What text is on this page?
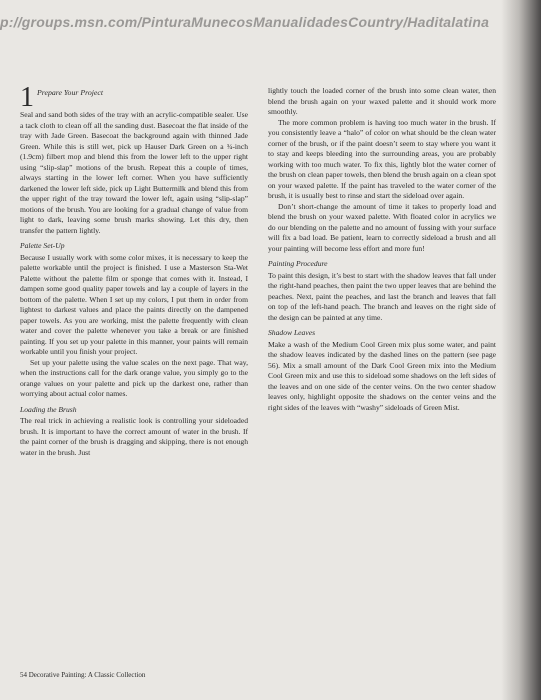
p://groups.msn.com/PinturaMunecosManualidadesCountry/Haditalatina
1 Prepare Your Project

Seal and sand both sides of the tray with an acrylic-compatible sealer. Use a tack cloth to clean off all the sanding dust. Basecoat the flat inside of the tray with Jade Green. Basecoat the background again with thinned Jade Green. While this is still wet, pick up Hauser Dark Green on a ¾-inch (1.9cm) filbert mop and blend this from the lower left to the upper right using “slip-slap” motions of the brush. Repeat this a couple of times, always starting in the lower left corner. When you have sufficiently darkened the lower left side, pick up Light Buttermilk and blend this from the upper right of the tray toward the lower left, again using “slip-slap” motions of the brush. You are looking for a gradual change of value from light to dark, leaving some brush marks showing. Let this dry, then transfer the pattern lightly.

Palette Set-Up

Because I usually work with some color mixes, it is necessary to keep the palette workable until the project is finished. I use a Masterson Sta-Wet Palette without the palette film or sponge that comes with it. Instead, I dampen some good quality paper towels and lay a couple of layers in the bottom of the palette. When I set up my colors, I put them in order from lightest to darkest values and place the paints directly on the dampened paper towels. As you are working, mist the palette frequently with clean water and cover the palette whenever you take a break or are finished painting. If you set up your palette in this manner, your paints will remain workable until you finish your project.

Set up your palette using the value scales on the next page. That way, when the instructions call for the dark orange value, you simply go to the orange values on your palette and pick up the darkest one, rather than worrying about actual color names.

Loading the Brush

The real trick in achieving a realistic look is controlling your sideloaded brush. It is important to have the correct amount of water in the brush. If the paint corner of the brush is dragging and skipping, there is not enough water in the brush. Just

lightly touch the loaded corner of the brush into some clean water, then blend the brush again on your waxed palette and it should work more smoothly.

The more common problem is having too much water in the brush. If you consistently leave a “halo” of color on what should be the clean water corner of the brush, or if the paint doesn’t seem to stay where you want it to stay and keeps bleeding into the surrounding areas, you are probably working with too much water. To fix this, lightly blot the water corner of the brush on clean paper towels, then blend the brush again on a clean spot on your waxed palette. If the paint has traveled to the water corner of the brush, it is usually best to rinse and start the sideload over again.

Don’t short-change the amount of time it takes to properly load and blend the brush on your waxed palette. With floated color in acrylics we do our blending on the palette and no amount of fussing with your surface will fix a bad load. Be patient, learn to correctly sideload a brush and all your painting will become less effort and more fun!

Painting Procedure

To paint this design, it’s best to start with the shadow leaves that fall under the right-hand peaches, then paint the two upper leaves that are behind the peaches. Next, paint the peaches, and last the branch and leaves that fall on top of the left-hand peach. The branch and leaves on the right side of the design can be painted at any time.

Shadow Leaves

Make a wash of the Medium Cool Green mix plus some water, and paint the shadow leaves indicated by the dashed lines on the pattern (see page 56). Mix a small amount of the Dark Cool Green mix into the Medium Cool Green mix and use this to sideload some shadows on the left sides of the leaves and on one side of the center veins. On the two center shadow leaves only, highlight opposite the shadows on the center veins and the right sides of the leaves with “washy” sideloads of Green Mist.

54 Decorative Painting: A Classic Collection
